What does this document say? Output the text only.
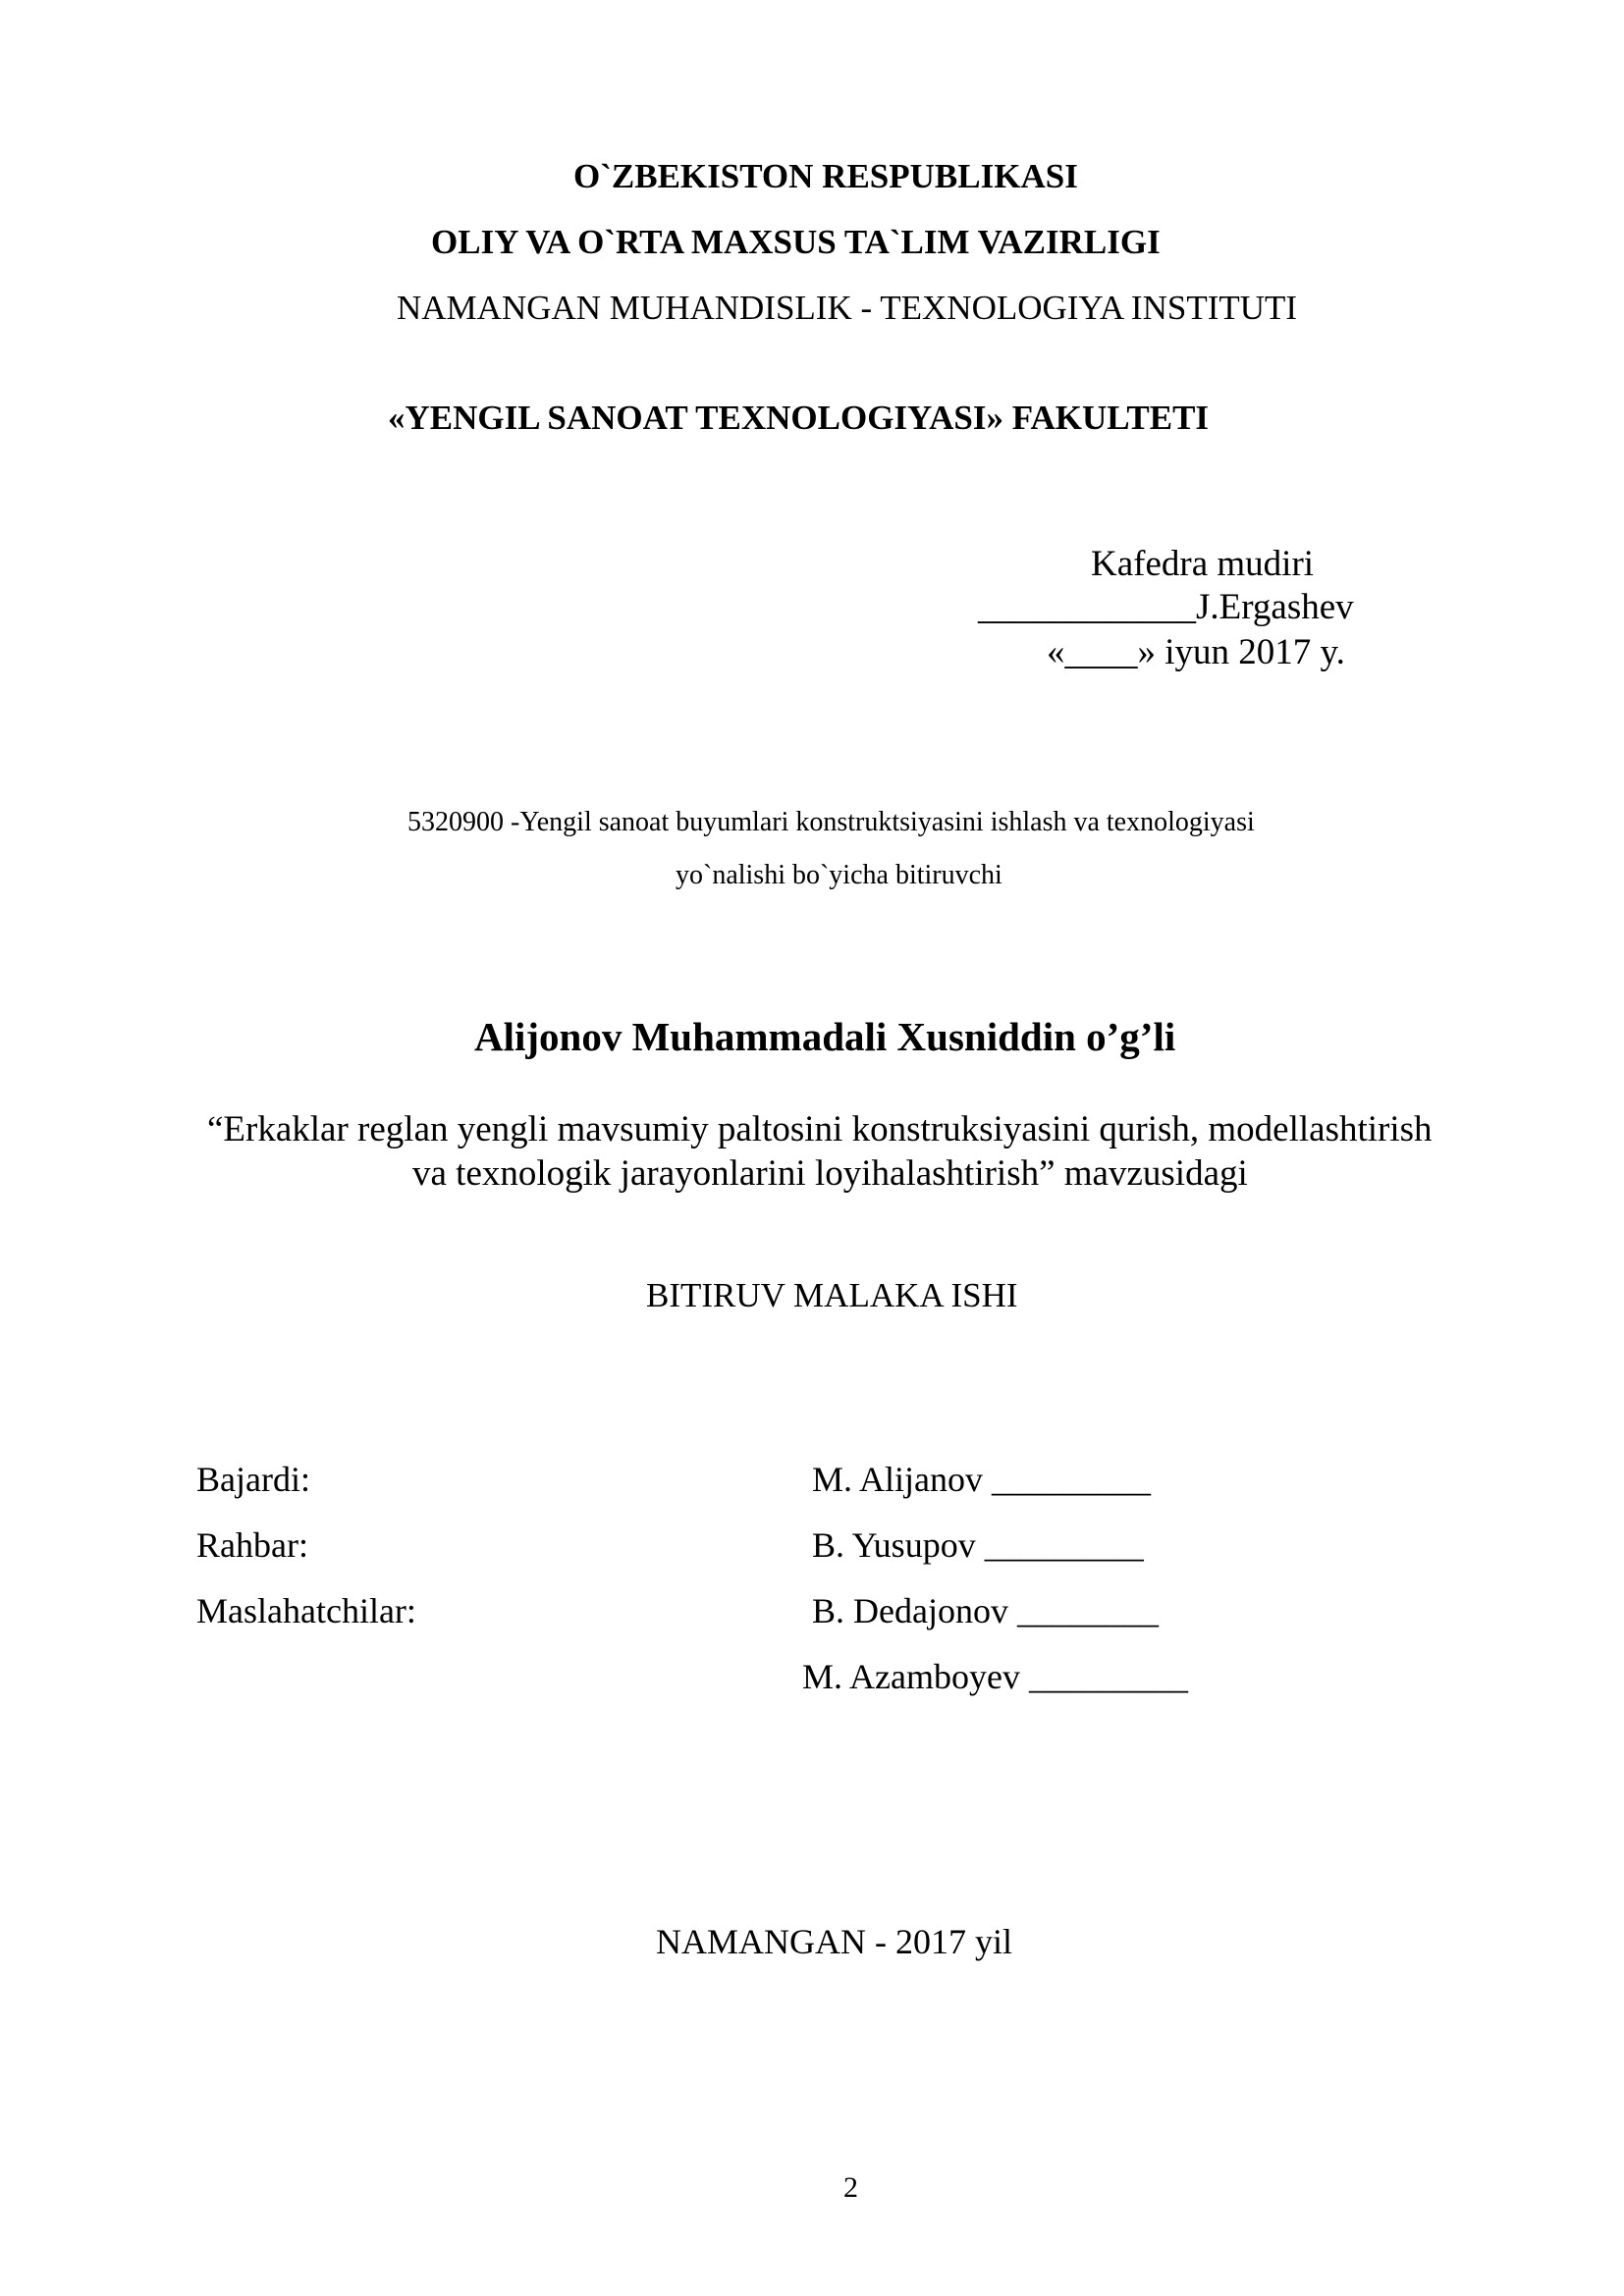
O`ZBEKISTON RESPUBLIKASI
OLIY VA O`RTA MAXSUS TA`LIM VAZIRLIGI
NAMANGAN MUHANDISLIK - TEXNOLOGIYA INSTITUTI
«YENGIL SANOAT TEXNOLOGIYASI» FAKULTETI
Kafedra mudiri
____________J.Ergashev
«____» iyun 2017 y.
5320900 -Yengil sanoat buyumlari konstruktsiyasini ishlash va texnologiyasi
yo`nalishi bo`yicha bitiruvchi
Alijonov Muhammadali Xusniddin o’g’li
“Erkaklar reglan yengli mavsumiy paltosini konstruksiyasini qurish, modellashtirish
va texnologik jarayonlarini loyihalashtirish” mavzusidagi
BITIRUV MALAKA ISHI
Bajardi:	M. Alijanov _________
Rahbar:	B. Yusupov _________
Maslahatchilar:	B. Dedajonov ________
M. Azamboyev _________
NAMANGAN - 2017 yil
2
